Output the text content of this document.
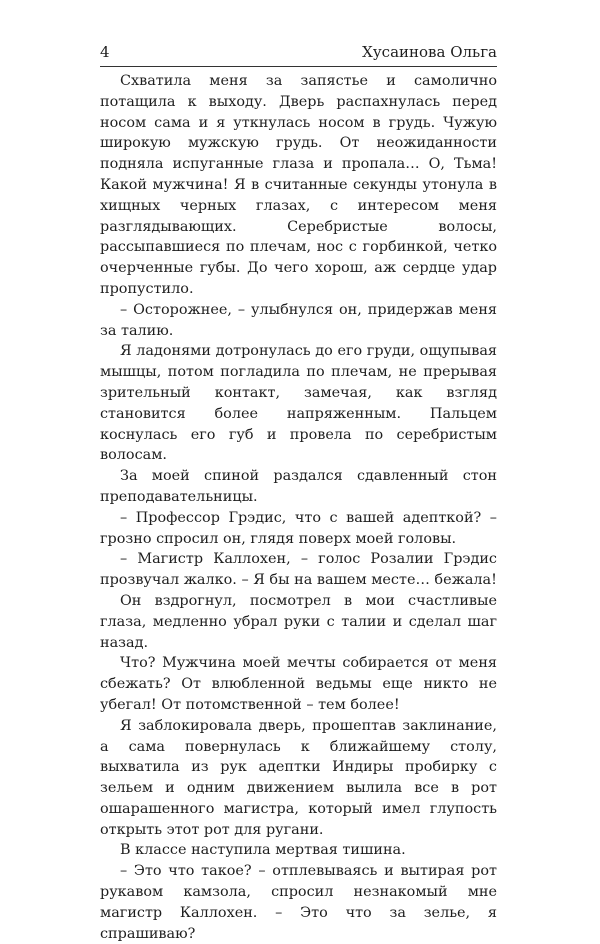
4	Хусаинова Ольга

Схватила меня за запястье и самолично потащила к выходу. Дверь распахнулась перед носом сама и я уткнулась носом в грудь. Чужую широкую мужскую грудь. От неожиданности подняла испуганные глаза и пропала… О, Тьма! Какой мужчина! Я в считанные секунды утонула в хищных черных глазах, с интересом меня разглядывающих. Серебристые волосы, рассыпавшиеся по плечам, нос с горбинкой, четко очерченные губы. До чего хорош, аж сердце удар пропустило.

– Осторожнее, – улыбнулся он, придержав меня за талию.

Я ладонями дотронулась до его груди, ощупывая мышцы, потом погладила по плечам, не прерывая зрительный контакт, замечая, как взгляд становится более напряженным. Пальцем коснулась его губ и провела по серебристым волосам.

За моей спиной раздался сдавленный стон преподавательницы.

– Профессор Грэдис, что с вашей адепткой? – грозно спросил он, глядя поверх моей головы.

– Магистр Каллохен, – голос Розалии Грэдис прозвучал жалко. – Я бы на вашем месте… бежала!

Он вздрогнул, посмотрел в мои счастливые глаза, медленно убрал руки с талии и сделал шаг назад.

Что? Мужчина моей мечты собирается от меня сбежать? От влюбленной ведьмы еще никто не убегал! От потомственной – тем более!

Я заблокировала дверь, прошептав заклинание, а сама повернулась к ближайшему столу, выхватила из рук адептки Индиры пробирку с зельем и одним движением вылила все в рот ошарашенного магистра, который имел глупость открыть этот рот для ругани.

В классе наступила мертвая тишина.

– Это что такое? – отплевываясь и вытирая рот рукавом камзола, спросил незнакомый мне магистр Каллохен. – Это что за зелье, я спрашиваю?
